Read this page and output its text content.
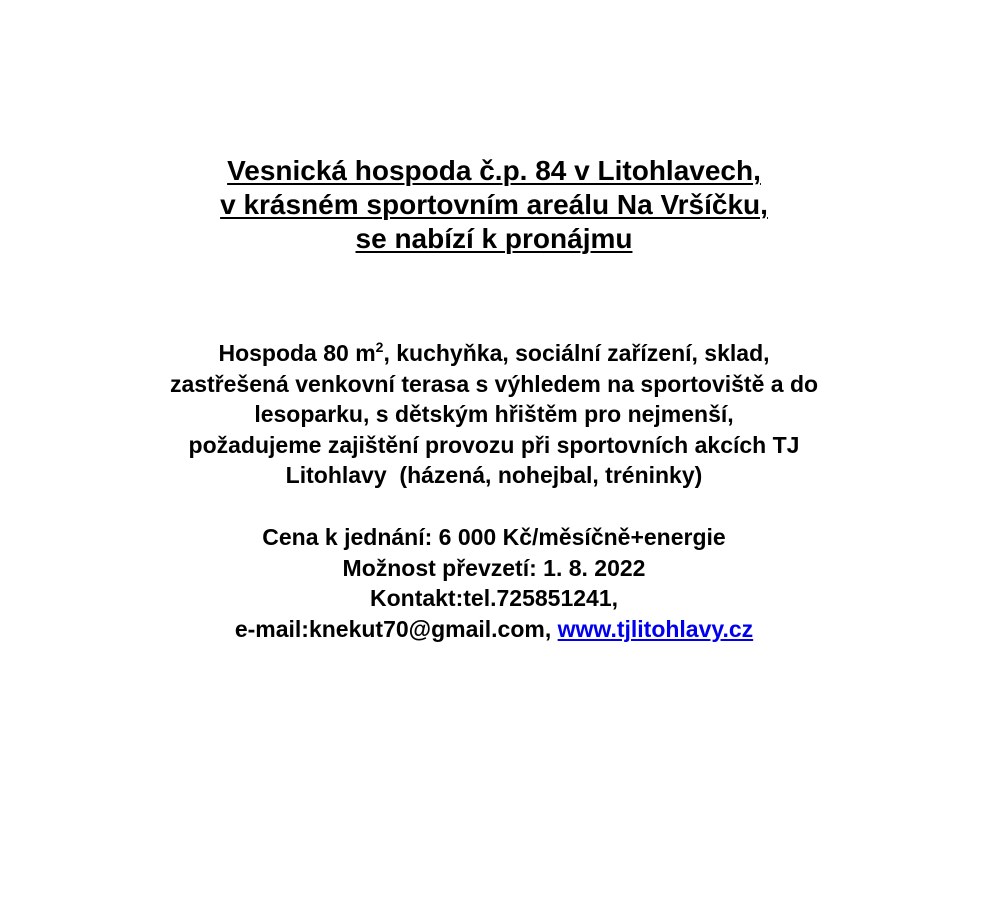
Vesnická hospoda č.p. 84 v Litohlavech,
v krásném sportovním areálu Na Vršíčku,
se nabízí k pronájmu
Hospoda 80 $m^2$, kuchyňka, sociální zařízení, sklad,
zastřešená venkovní terasa s výhledem na sportoviště a do
lesoparku, s dětským hřištěm pro nejmenší,
požadujeme zajištění provozu při sportovních akcích TJ
Litohlavy  (házená, nohejbal, tréninky)
Cena k jednání: 6 000 Kč/měsíčně+energie
Možnost převzetí: 1. 8. 2022
Kontakt:tel.725851241,
e-mail:knekut70@gmail.com, www.tjlitohlavy.cz
